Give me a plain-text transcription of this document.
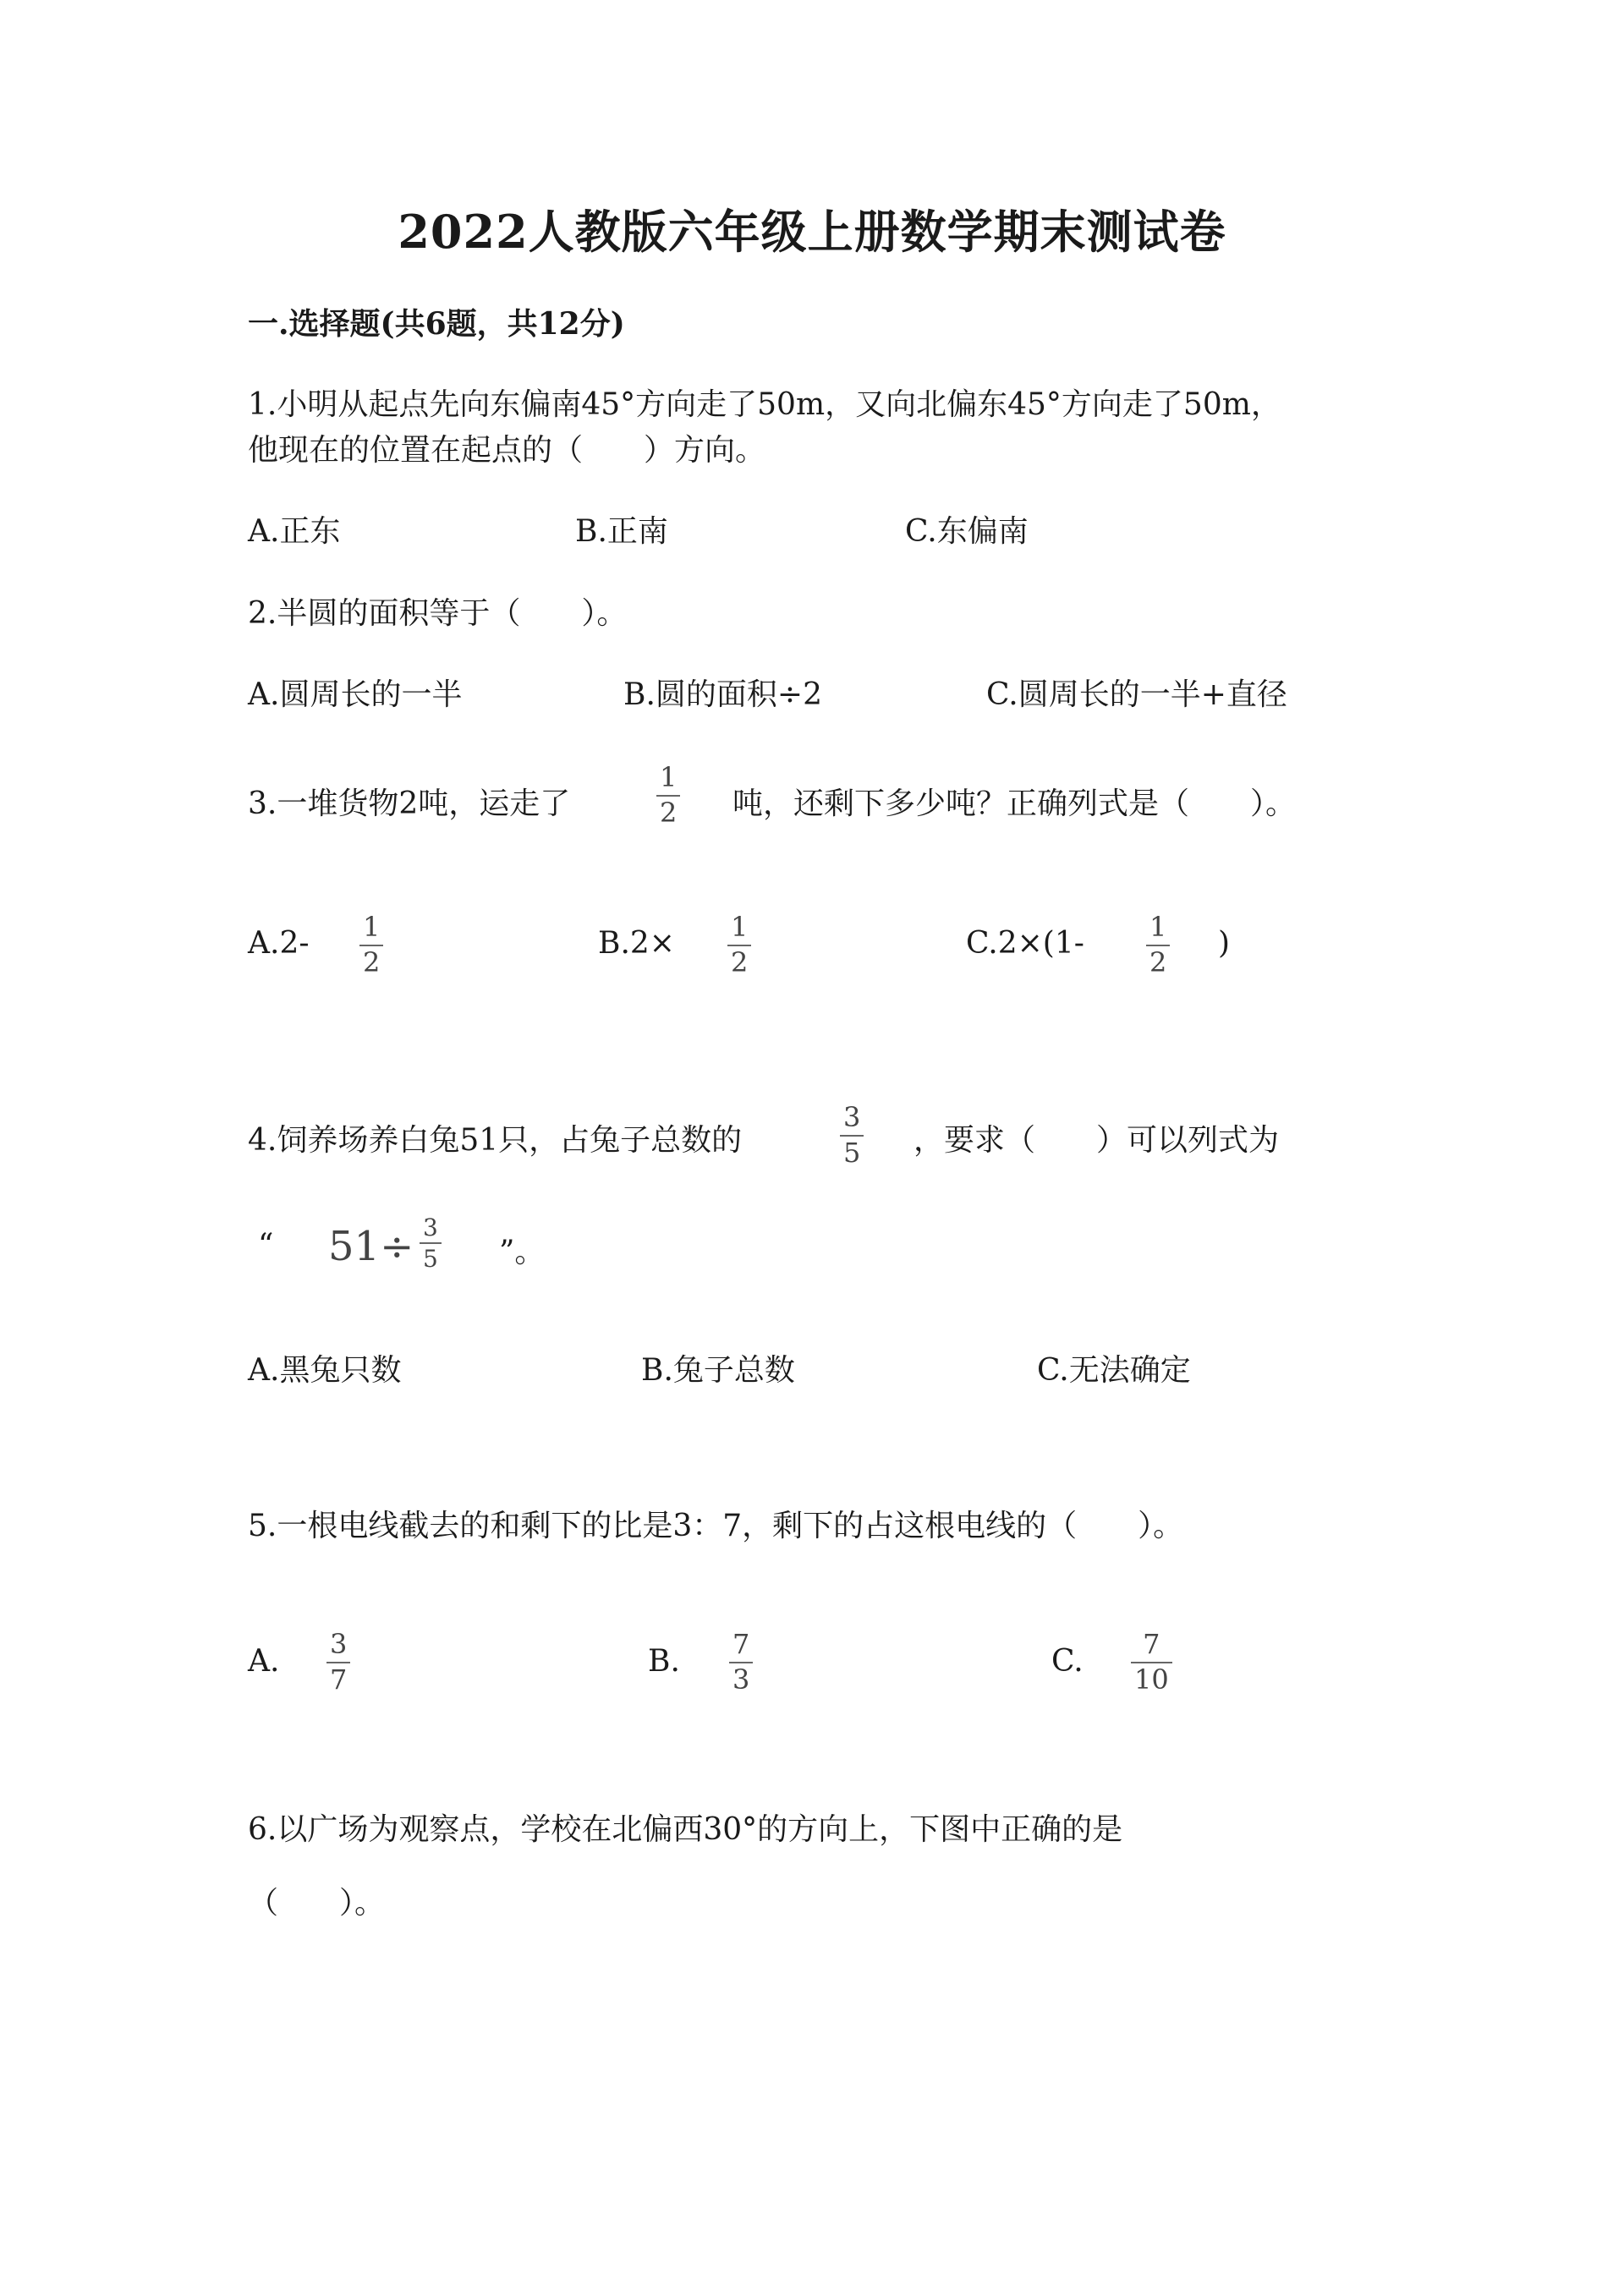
2022人教版六年级上册数学期末测试卷
一.选择题(共6题，共12分)
1.小明从起点先向东偏南45°方向走了50m，又向北偏东45°方向走了50m，
他现在的位置在起点的（　　）方向。
A.正东	B.正南	C.东偏南
2.半圆的面积等于（　　）。
A.圆周长的一半	B.圆的面积÷2	C.圆周长的一半+直径
3.一堆货物2吨，运走了
1
2 吨，还剩下多少吨？正确列式是（　　）。
A.2- 1
2
B.2× 1
2
C.2×(1- 1
2
)
4.饲养场养白兔51只，占兔子总数的
3
5 ，要求（　　）可以列式为
“ 51÷ 3
5 ”。
A.黑兔只数	B.兔子总数	C.无法确定
5.一根电线截去的和剩下的比是3：7，剩下的占这根电线的（　　）。
A. 3
7
B. 7
3
C. 7
10
6.以广场为观察点，学校在北偏西30°的方向上，下图中正确的是
（　　）。
